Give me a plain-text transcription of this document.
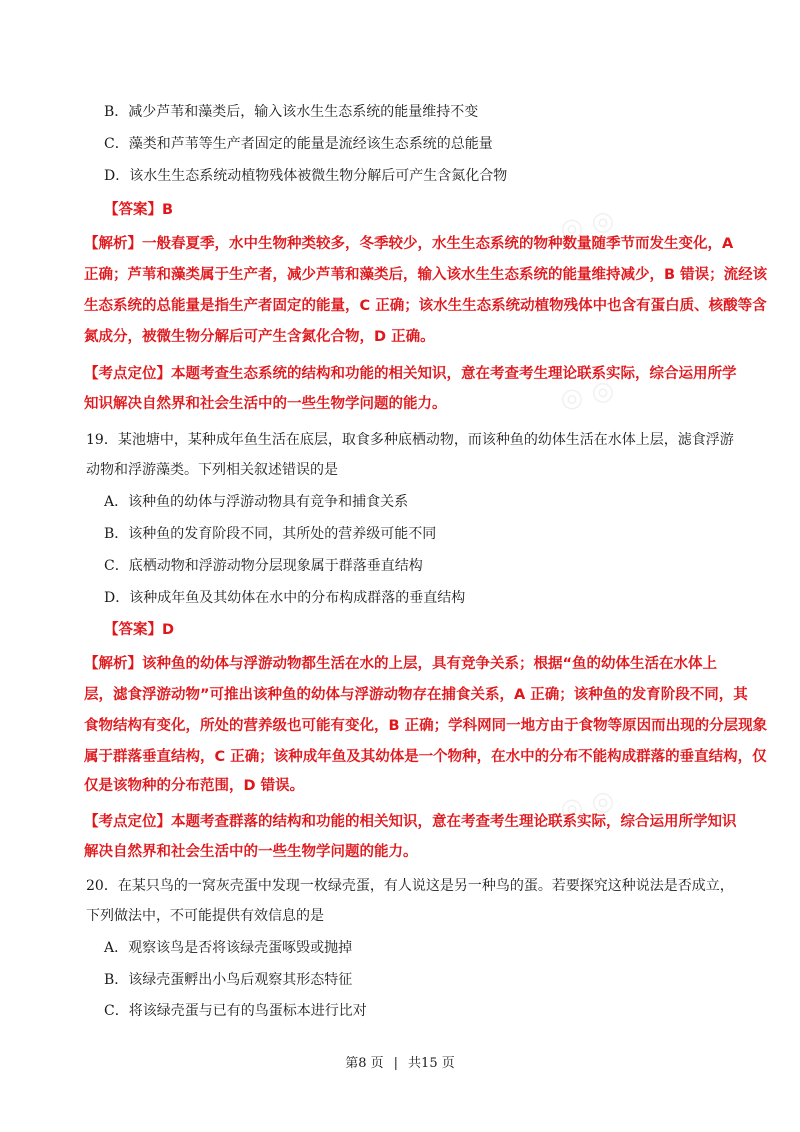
◎ ◎
◎ ◎
◎ ◎
B．减少芦苇和藻类后，输入该水生生态系统的能量维持不变
C．藻类和芦苇等生产者固定的能量是流经该生态系统的总能量
D．该水生生态系统动植物残体被微生物分解后可产生含氮化合物
【答案】B
【解析】一般春夏季，水中生物种类较多，冬季较少，水生生态系统的物种数量随季节而发生变化，A
正确；芦苇和藻类属于生产者，减少芦苇和藻类后，输入该水生生态系统的能量维持减少，B 错误；流经该
生态系统的总能量是指生产者固定的能量，C 正确；该水生生态系统动植物残体中也含有蛋白质、核酸等含
氮成分，被微生物分解后可产生含氮化合物，D 正确。
【考点定位】本题考查生态系统的结构和功能的相关知识，意在考查考生理论联系实际，综合运用所学
知识解决自然界和社会生活中的一些生物学问题的能力。
19．某池塘中，某种成年鱼生活在底层，取食多种底栖动物，而该种鱼的幼体生活在水体上层，滤食浮游
动物和浮游藻类。下列相关叙述错误的是
A．该种鱼的幼体与浮游动物具有竞争和捕食关系
B．该种鱼的发育阶段不同，其所处的营养级可能不同
C．底栖动物和浮游动物分层现象属于群落垂直结构
D．该种成年鱼及其幼体在水中的分布构成群落的垂直结构
【答案】D
【解析】该种鱼的幼体与浮游动物都生活在水的上层，具有竞争关系；根据“鱼的幼体生活在水体上
层，滤食浮游动物”可推出该种鱼的幼体与浮游动物存在捕食关系，A 正确；该种鱼的发育阶段不同，其
食物结构有变化，所处的营养级也可能有变化，B 正确；学科网同一地方由于食物等原因而出现的分层现象
属于群落垂直结构，C 正确；该种成年鱼及其幼体是一个物种，在水中的分布不能构成群落的垂直结构，仅
仅是该物种的分布范围，D 错误。
【考点定位】本题考查群落的结构和功能的相关知识，意在考查考生理论联系实际，综合运用所学知识
解决自然界和社会生活中的一些生物学问题的能力。
20．在某只鸟的一窝灰壳蛋中发现一枚绿壳蛋，有人说这是另一种鸟的蛋。若要探究这种说法是否成立，
下列做法中，不可能提供有效信息的是
A．观察该鸟是否将该绿壳蛋啄毁或抛掉
B．该绿壳蛋孵出小鸟后观察其形态特征
C．将该绿壳蛋与已有的鸟蛋标本进行比对
第8 页 | 共15 页
